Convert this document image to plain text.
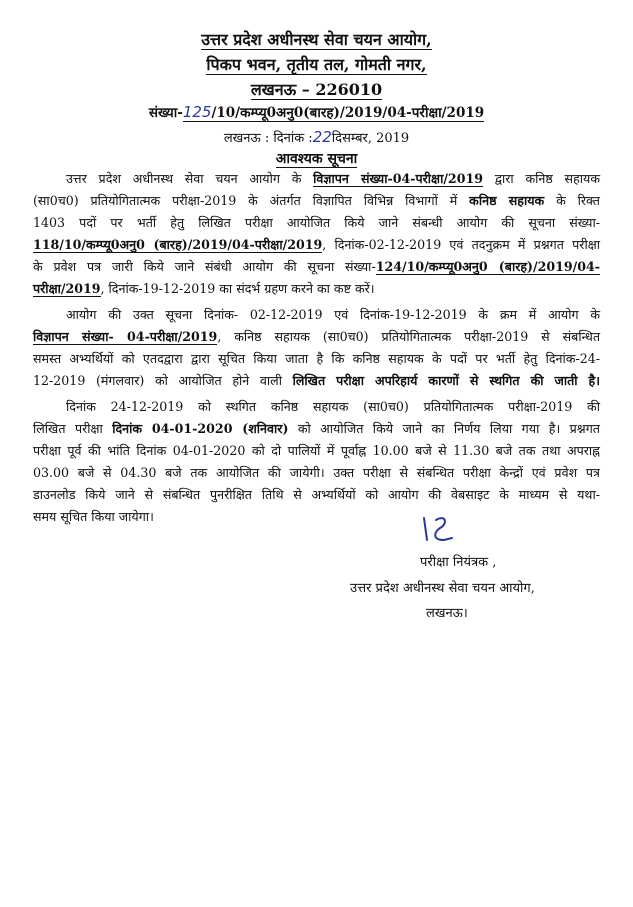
उत्तर प्रदेश अधीनस्थ सेवा चयन आयोग,
पिकप भवन, तृतीय तल, गोमती नगर,
लखनऊ – 226010
संख्या-125/10/कम्प्यू0अनु0(बारह)/2019/04-परीक्षा/2019
लखनऊ : दिनांक :22दिसम्बर, 2019
आवश्यक सूचना
उत्तर प्रदेश अधीनस्थ सेवा चयन आयोग के विज्ञापन संख्या-04-परीक्षा/2019 द्वारा कनिष्ठ सहायक
(सा0च0) प्रतियोगितात्मक परीक्षा-2019 के अंतर्गत विज्ञापित विभिन्न विभागों में कनिष्ठ सहायक के रिक्त
1403 पदों पर भर्ती हेतु लिखित परीक्षा आयोजित किये जाने संबन्धी आयोग की सूचना संख्या-
118/10/कम्प्यू0अनु0 (बारह)/2019/04-परीक्षा/2019, दिनांक-02-12-2019 एवं तदनुक्रम में प्रश्नगत परीक्षा
के प्रवेश पत्र जारी किये जाने संबंधी आयोग की सूचना संख्या-124/10/कम्प्यू0अनु0 (बारह)/2019/04-
परीक्षा/2019, दिनांक-19-12-2019 का संदर्भ ग्रहण करने का कष्ट करें।
आयोग की उक्त सूचना दिनांक- 02-12-2019 एवं दिनांक-19-12-2019 के क्रम में आयोग के
विज्ञापन संख्या- 04-परीक्षा/2019, कनिष्ठ सहायक (सा0च0) प्रतियोगितात्मक परीक्षा-2019 से संबन्धित
समस्त अभ्यर्थियों को एतदद्वारा द्वारा सूचित किया जाता है कि कनिष्ठ सहायक के पदों पर भर्ती हेतु दिनांक-24-
12-2019 (मंगलवार) को आयोजित होने वाली लिखित परीक्षा अपरिहार्य कारणों से स्थगित की जाती है।
दिनांक 24-12-2019 को स्थगित कनिष्ठ सहायक (सा0च0) प्रतियोगितात्मक परीक्षा-2019 की
लिखित परीक्षा दिनांक 04-01-2020 (शनिवार) को आयोजित किये जाने का निर्णय लिया गया है। प्रश्नगत
परीक्षा पूर्व की भांति दिनांक 04-01-2020 को दो पालियों में पूर्वाह्न 10.00 बजे से 11.30 बजे तक तथा अपराह्न
03.00 बजे से 04.30 बजे तक आयोजित की जायेगी। उक्त परीक्षा से संबन्धित परीक्षा केन्द्रों एवं प्रवेश पत्र
डाउनलोड किये जाने से संबन्धित पुनरीक्षित तिथि से अभ्यर्थियों को आयोग की वेबसाइट के माध्यम से यथा-
समय सूचित किया जायेगा।
परीक्षा नियंत्रक ,
उत्तर प्रदेश अधीनस्थ सेवा चयन आयोग,
लखनऊ।
